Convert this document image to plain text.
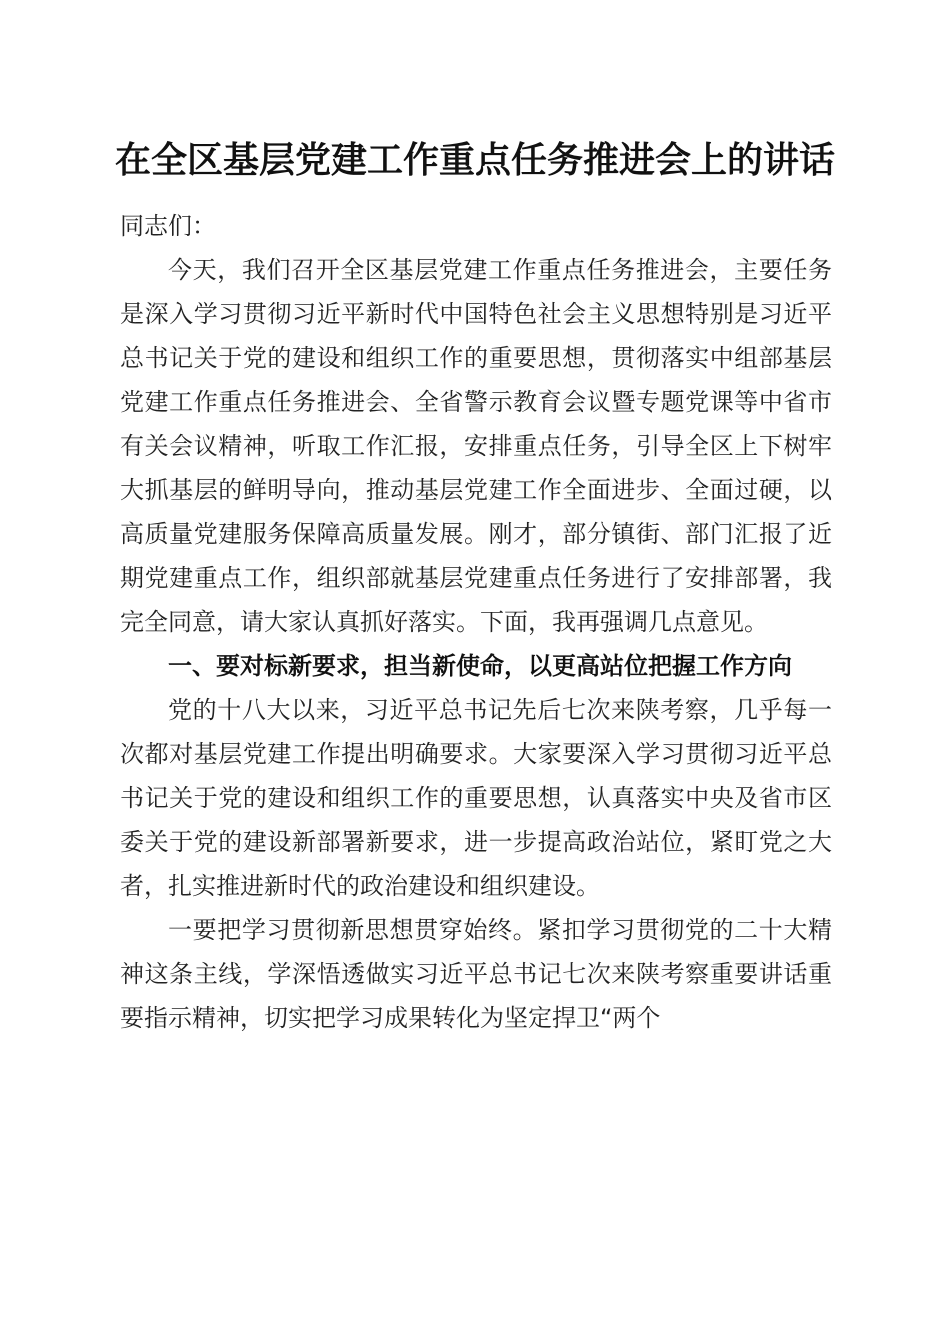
在全区基层党建工作重点任务推进会上的讲话

同志们：

今天，我们召开全区基层党建工作重点任务推进会，主要任务是深入学习贯彻习近平新时代中国特色社会主义思想特别是习近平总书记关于党的建设和组织工作的重要思想，贯彻落实中组部基层党建工作重点任务推进会、全省警示教育会议暨专题党课等中省市有关会议精神，听取工作汇报，安排重点任务，引导全区上下树牢大抓基层的鲜明导向，推动基层党建工作全面进步、全面过硬，以高质量党建服务保障高质量发展。刚才，部分镇街、部门汇报了近期党建重点工作，组织部就基层党建重点任务进行了安排部署，我完全同意，请大家认真抓好落实。下面，我再强调几点意见。

一、要对标新要求，担当新使命，以更高站位把握工作方向

党的十八大以来，习近平总书记先后七次来陕考察，几乎每一次都对基层党建工作提出明确要求。大家要深入学习贯彻习近平总书记关于党的建设和组织工作的重要思想，认真落实中央及省市区委关于党的建设新部署新要求，进一步提高政治站位，紧盯党之大者，扎实推进新时代的政治建设和组织建设。

一要把学习贯彻新思想贯穿始终。紧扣学习贯彻党的二十大精神这条主线，学深悟透做实习近平总书记七次来陕考察重要讲话重要指示精神，切实把学习成果转化为坚定捍卫“两个
